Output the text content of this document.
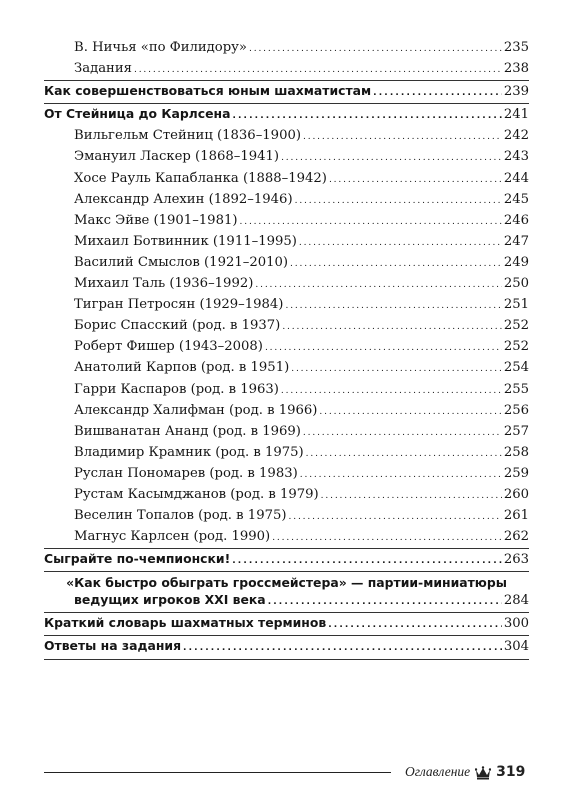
В. Ничья «по Филидору» . . .	235
Задания . . .	238
Как совершенствоваться юным шахматистам . . .	239
От Стейница до Карлсена . . .	241
Вильгельм Стейниц (1836–1900) . . .	242
Эмануил Ласкер (1868–1941) . . .	243
Хосе Рауль Капабланка (1888–1942) . . .	244
Александр Алехин (1892–1946) . . .	245
Макс Эйве (1901–1981) . . .	246
Михаил Ботвинник (1911–1995) . . .	247
Василий Смыслов (1921–2010) . . .	249
Михаил Таль (1936–1992) . . .	250
Тигран Петросян (1929–1984) . . .	251
Борис Спасский (род. в 1937) . . .	252
Роберт Фишер (1943–2008) . . .	252
Анатолий Карпов (род. в 1951) . . .	254
Гарри Каспаров (род. в 1963) . . .	255
Александр Халифман (род. в 1966) . . .	256
Вишванатан Ананд (род. в 1969) . . .	257
Владимир Крамник (род. в 1975) . . .	258
Руслан Пономарев (род. в 1983) . . .	259
Рустам Касымджанов (род. в 1979) . . .	260
Веселин Топалов (род. в 1975) . . .	261
Магнус Карлсен (род. 1990) . . .	262
Сыграйте по-чемпионски! . . .	263
«Как быстро обыграть гроссмейстера» — партии-миниатюры
ведущих игроков XXI века . . .	284
Краткий словарь шахматных терминов . . .	300
Ответы на задания . . .	304
Оглавление 319
